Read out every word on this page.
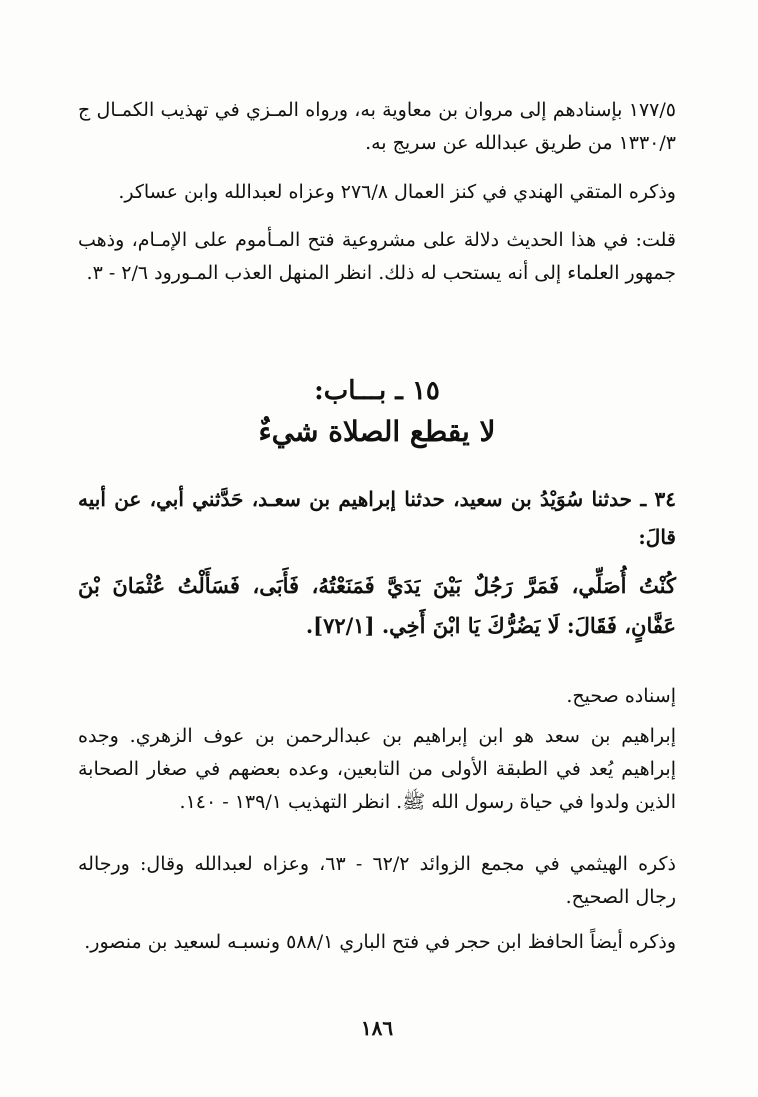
١٧٧/٥ بإسنادهم إلى مروان بن معاوية به، ورواه المـزي في تهذيب الكمـال ج ١٣٣٠/٣ من طريق عبدالله عن سريج به.

وذكره المتقي الهندي في كنز العمال ٢٧٦/٨ وعزاه لعبدالله وابن عساكر.

قلت: في هذا الحديث دلالة على مشروعية فتح المـأموم على الإمـام، وذهب جمهور العلماء إلى أنه يستحب له ذلك. انظر المنهل العذب المـورود ٢/٦ - ٣.

١٥ ـ بـــاب:
لا يقطع الصلاة شيءٌ

٣٤ ـ حدثنا سُوَيْدُ بن سعيد، حدثنا إبراهيم بن سعـد، حَدَّثني أبي، عن أبيه قالَ:

كُنْتُ أُصَلِّي، فَمَرَّ رَجُلٌ بَيْنَ يَدَيَّ فَمَنَعْتُهُ، فَأَبَى، فَسَأَلْتُ عُثْمَانَ بْنَ عَفَّانٍ، فَقَالَ: لَا يَضُرُّكَ يَا ابْنَ أَخِي. [٧٢/١].

إسناده صحيح.

إبراهيم بن سعد هو ابن إبراهيم بن عبدالرحمن بن عوف الزهري. وجده إبراهيم يُعد في الطبقة الأولى من التابعين، وعده بعضهم في صغار الصحابة الذين ولدوا في حياة رسول الله ﷺ. انظر التهذيب ١٣٩/١ - ١٤٠.

ذكره الهيثمي في مجمع الزوائد ٦٢/٢ - ٦٣، وعزاه لعبدالله وقال: ورجاله رجال الصحيح.

وذكره أيضاً الحافظ ابن حجر في فتح الباري ٥٨٨/١ ونسبـه لسعيد بن منصور.

١٨٦
